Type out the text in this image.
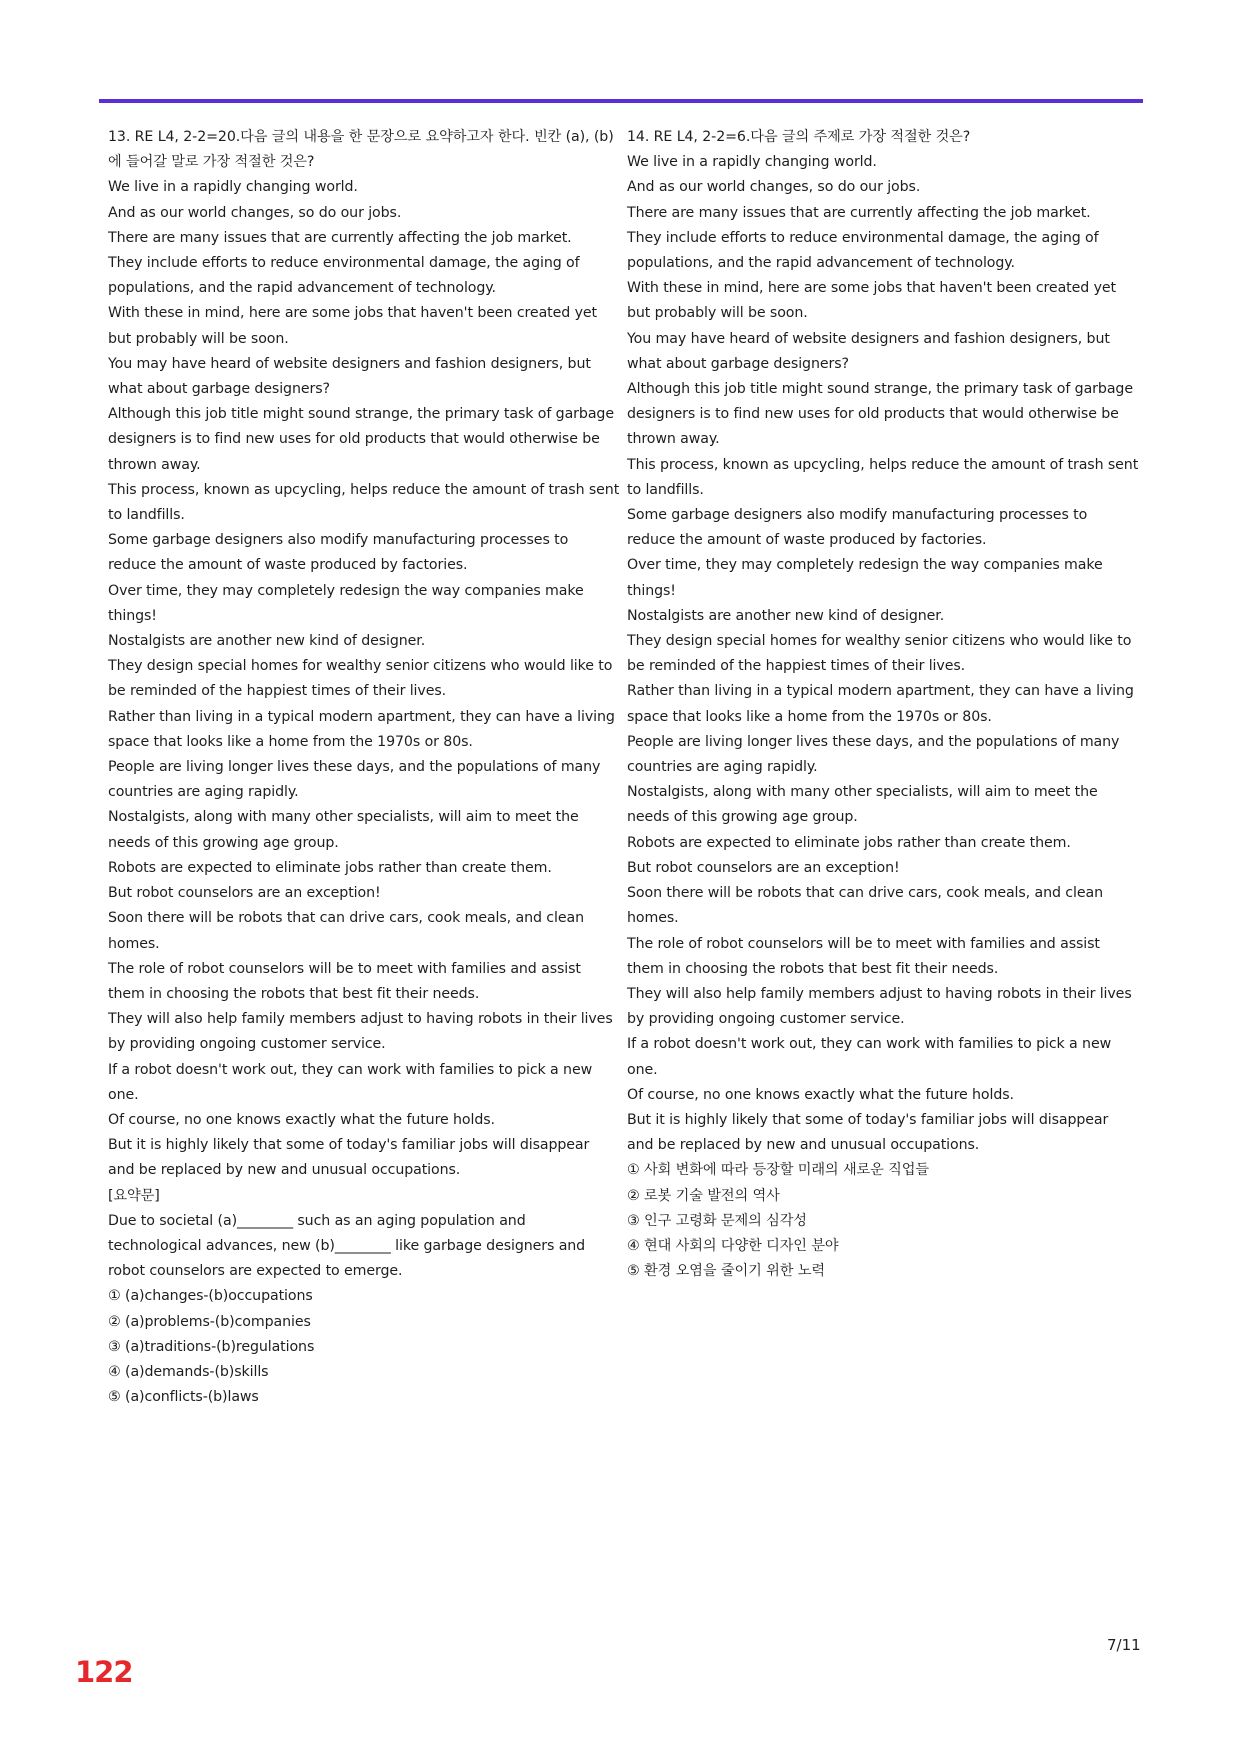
13. RE L4, 2-2=20.다음 글의 내용을 한 문장으로 요약하고자 한다. 빈칸 (a), (b)에 들어갈 말로 가장 적절한 것은?

We live in a rapidly changing world.

And as our world changes, so do our jobs.

There are many issues that are currently affecting the job market.

They include efforts to reduce environmental damage, the aging of populations, and the rapid advancement of technology.

With these in mind, here are some jobs that haven't been created yet but probably will be soon.

You may have heard of website designers and fashion designers, but what about garbage designers?

Although this job title might sound strange, the primary task of garbage designers is to find new uses for old products that would otherwise be thrown away.

This process, known as upcycling, helps reduce the amount of trash sent to landfills.

Some garbage designers also modify manufacturing processes to reduce the amount of waste produced by factories.

Over time, they may completely redesign the way companies make things!

Nostalgists are another new kind of designer.

They design special homes for wealthy senior citizens who would like to be reminded of the happiest times of their lives.

Rather than living in a typical modern apartment, they can have a living space that looks like a home from the 1970s or 80s.

People are living longer lives these days, and the populations of many countries are aging rapidly.

Nostalgists, along with many other specialists, will aim to meet the needs of this growing age group.

Robots are expected to eliminate jobs rather than create them.

But robot counselors are an exception!

Soon there will be robots that can drive cars, cook meals, and clean homes.

The role of robot counselors will be to meet with families and assist them in choosing the robots that best fit their needs.

They will also help family members adjust to having robots in their lives by providing ongoing customer service.

If a robot doesn't work out, they can work with families to pick a new one.

Of course, no one knows exactly what the future holds.

But it is highly likely that some of today's familiar jobs will disappear and be replaced by new and unusual occupations.

[요약문]

Due to societal (a)________ such as an aging population and technological advances, new (b)________ like garbage designers and robot counselors are expected to emerge.

① (a)changes-(b)occupations

② (a)problems-(b)companies

③ (a)traditions-(b)regulations

④ (a)demands-(b)skills

⑤ (a)conflicts-(b)laws

14. RE L4, 2-2=6.다음 글의 주제로 가장 적절한 것은?

We live in a rapidly changing world.

And as our world changes, so do our jobs.

There are many issues that are currently affecting the job market.

They include efforts to reduce environmental damage, the aging of populations, and the rapid advancement of technology.

With these in mind, here are some jobs that haven't been created yet but probably will be soon.

You may have heard of website designers and fashion designers, but what about garbage designers?

Although this job title might sound strange, the primary task of garbage designers is to find new uses for old products that would otherwise be thrown away.

This process, known as upcycling, helps reduce the amount of trash sent to landfills.

Some garbage designers also modify manufacturing processes to reduce the amount of waste produced by factories.

Over time, they may completely redesign the way companies make things!

Nostalgists are another new kind of designer.

They design special homes for wealthy senior citizens who would like to be reminded of the happiest times of their lives.

Rather than living in a typical modern apartment, they can have a living space that looks like a home from the 1970s or 80s.

People are living longer lives these days, and the populations of many countries are aging rapidly.

Nostalgists, along with many other specialists, will aim to meet the needs of this growing age group.

Robots are expected to eliminate jobs rather than create them.

But robot counselors are an exception!

Soon there will be robots that can drive cars, cook meals, and clean homes.

The role of robot counselors will be to meet with families and assist them in choosing the robots that best fit their needs.

They will also help family members adjust to having robots in their lives by providing ongoing customer service.

If a robot doesn't work out, they can work with families to pick a new one.

Of course, no one knows exactly what the future holds.

But it is highly likely that some of today's familiar jobs will disappear and be replaced by new and unusual occupations.

① 사회 변화에 따라 등장할 미래의 새로운 직업들

② 로봇 기술 발전의 역사

③ 인구 고령화 문제의 심각성

④ 현대 사회의 다양한 디자인 분야

⑤ 환경 오염을 줄이기 위한 노력

7/11
122
